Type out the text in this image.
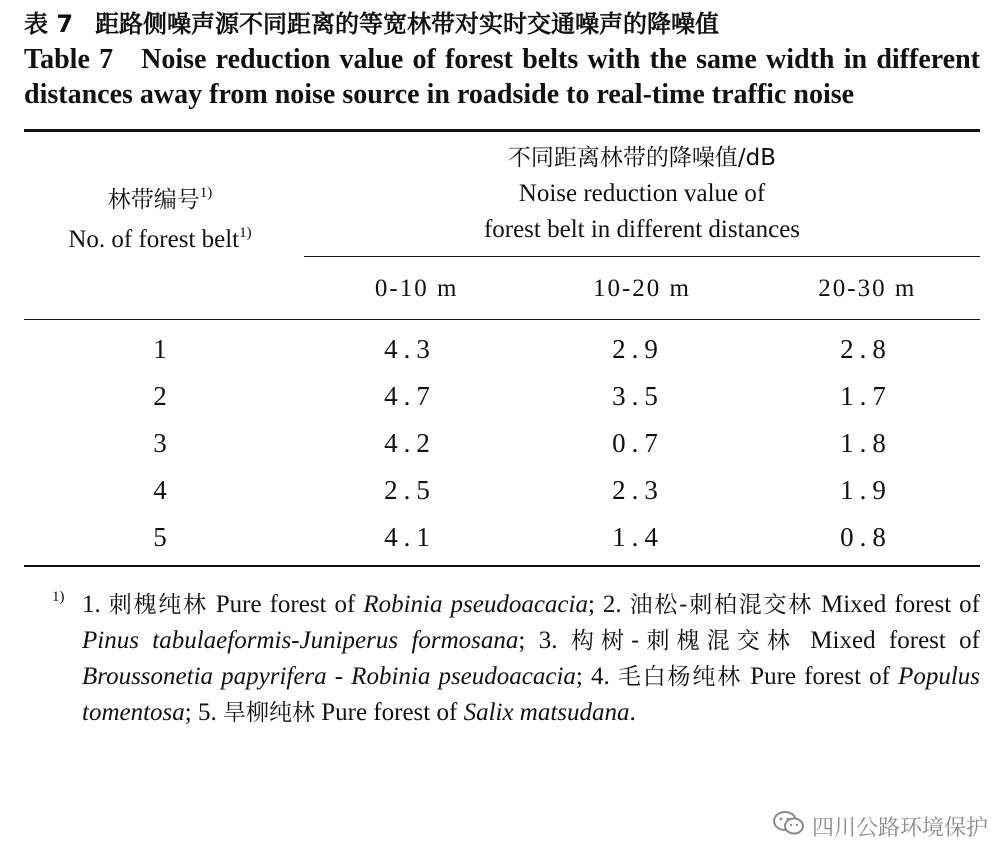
表 7 距路侧噪声源不同距离的等宽林带对实时交通噪声的降噪值
Table 7 Noise reduction value of forest belts with the same width in different distances away from noise source in roadside to real-time traffic noise
林带编号$^{1)}$
No. of forest belt$^{1)}$
不同距离林带的降噪值/dB
Noise reduction value of
forest belt in different distances
0-10 m	10-20 m	20-30 m
1	4.3	2.9	2.8
2	4.7	3.5	1.7
3	4.2	0.7	1.8
4	2.5	2.3	1.9
5	4.1	1.4	0.8
1) 1. 刺槐纯林 Pure forest of Robinia pseudoacacia; 2. 油松-刺柏混交林 Mixed forest of Pinus tabulaeformis-Juniperus formosana; 3. 构树-刺槐混交林 Mixed forest of Broussonetia papyrifera - Robinia pseudoacacia; 4. 毛白杨纯林 Pure forest of Populus tomentosa; 5. 旱柳纯林 Pure forest of Salix matsudana.
四川公路环境保护
